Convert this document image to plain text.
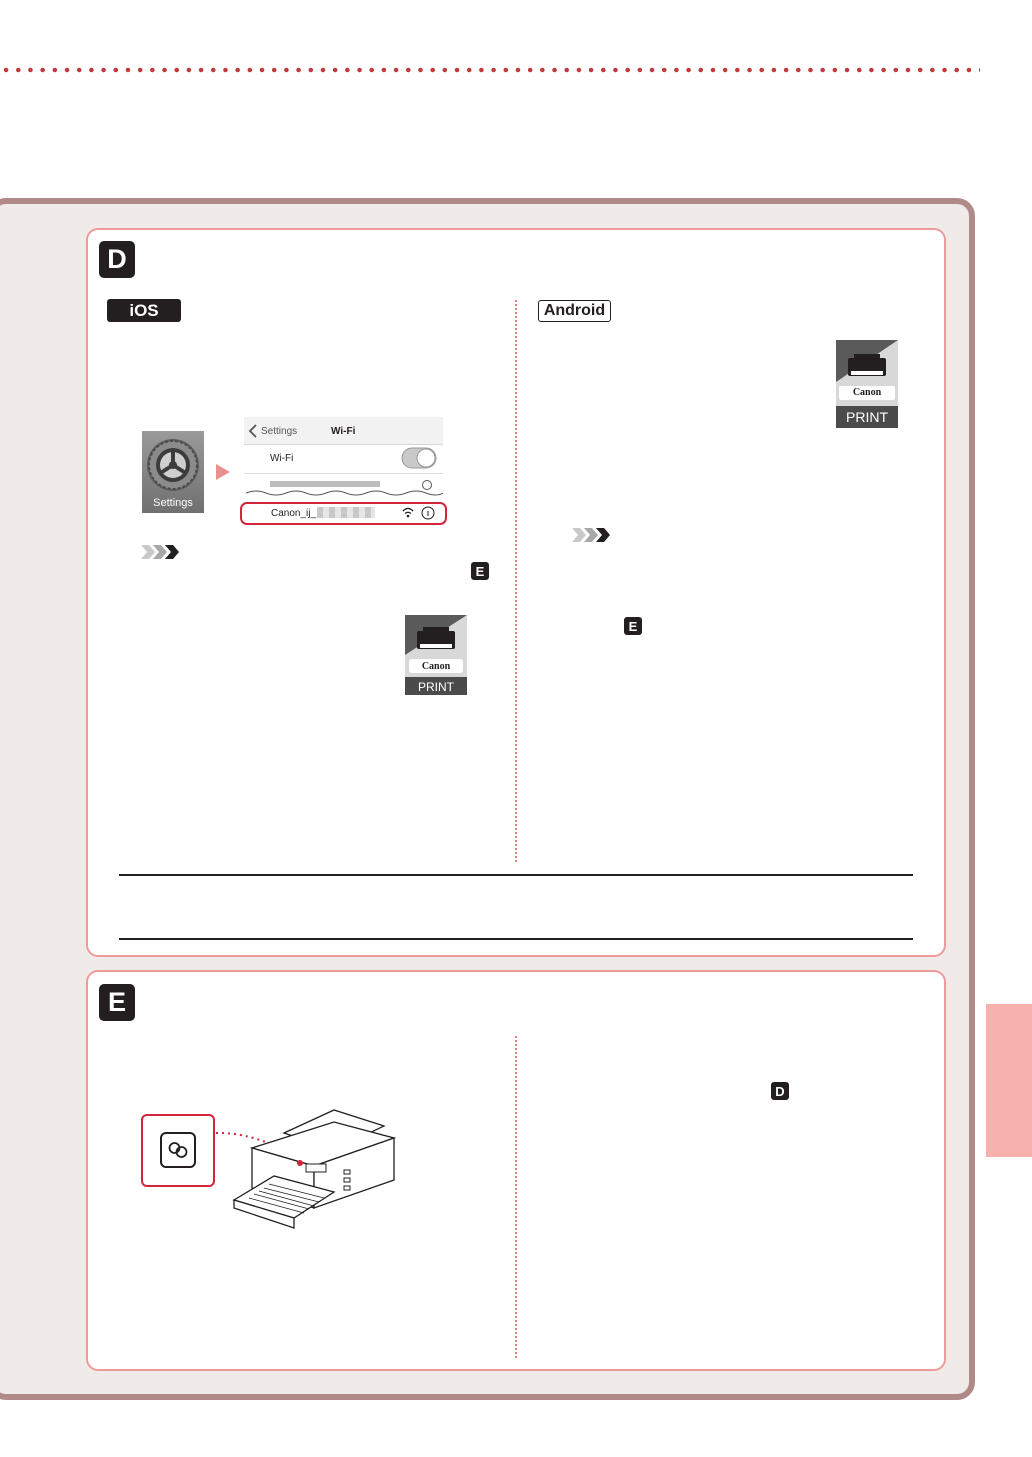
D
iOS
Settings
Settings	Wi-Fi
Wi-Fi
Canon_ij_
E
Canon
PRINT
Android
Canon
PRINT
E
E
D
